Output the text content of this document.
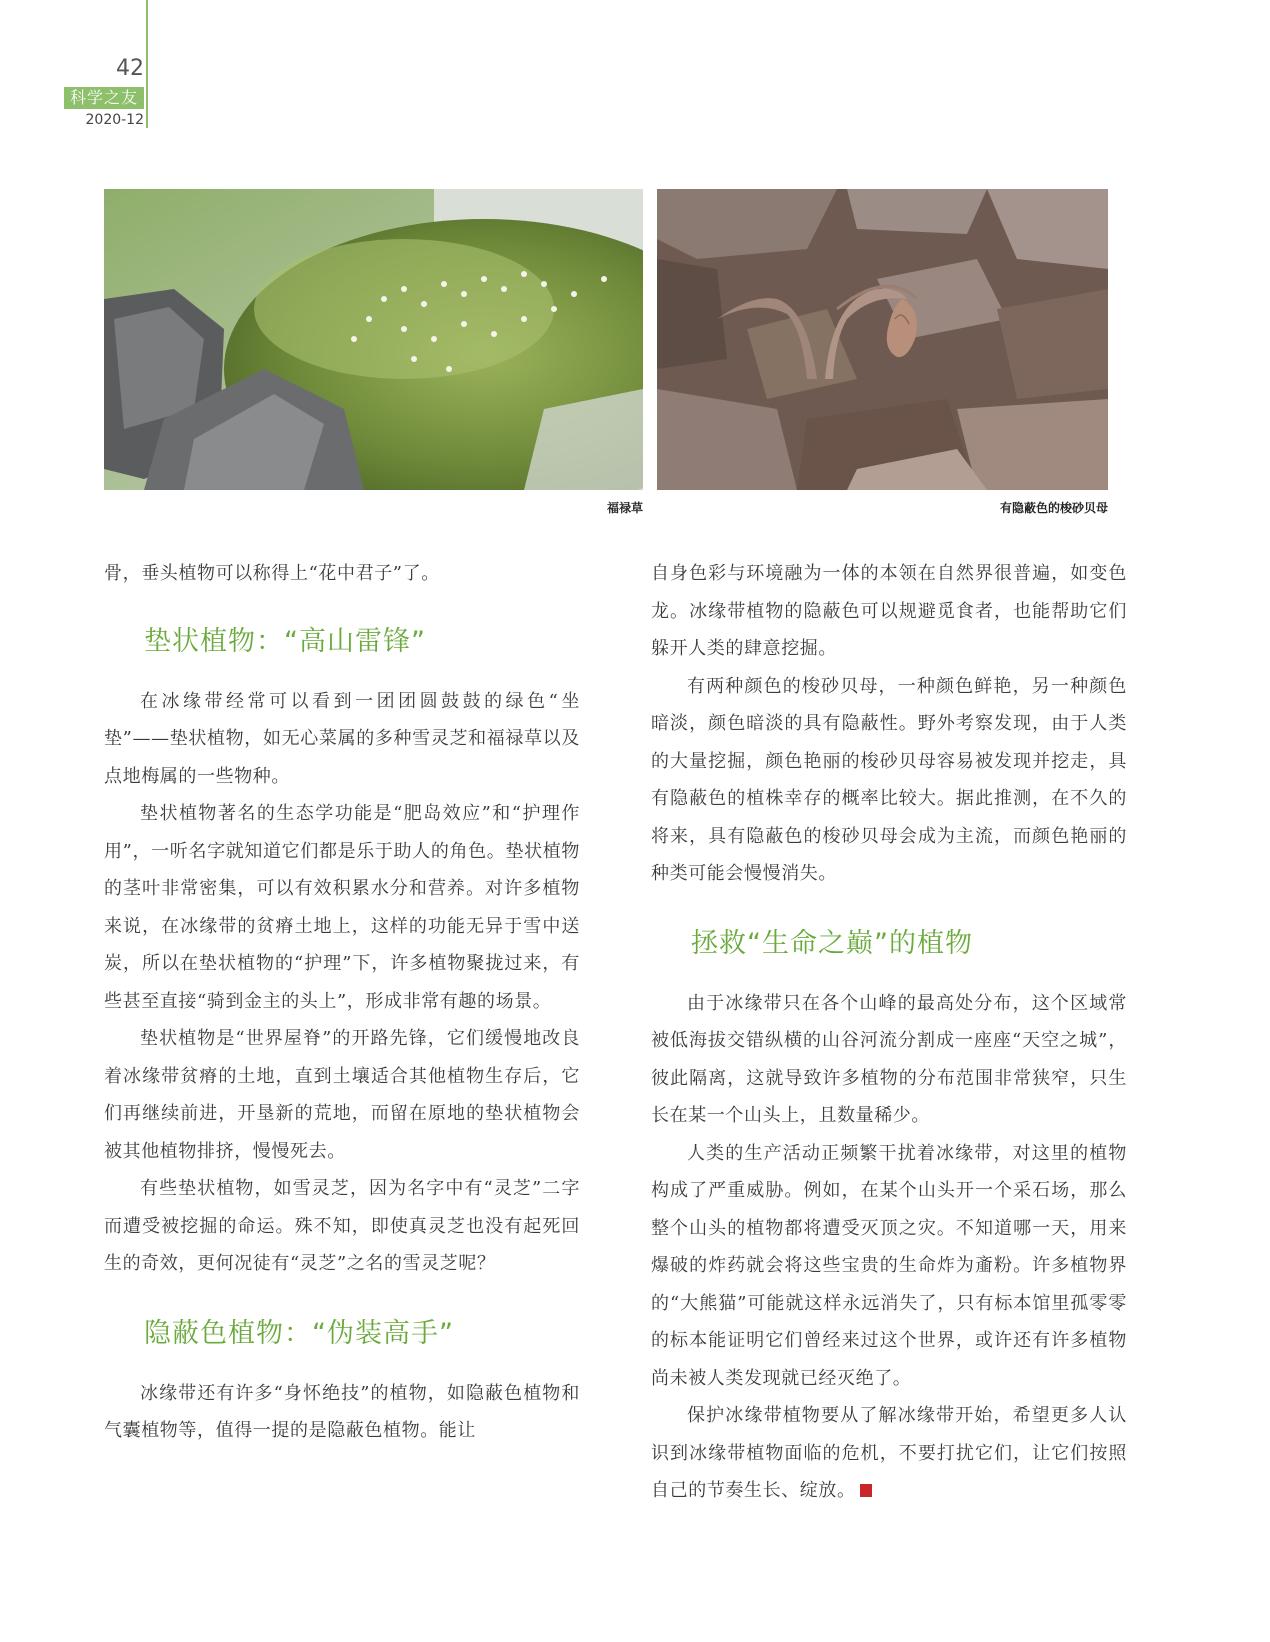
42
科学之友
2020-12
福禄草	有隐蔽色的梭砂贝母

骨，垂头植物可以称得上“花中君子”了。

垫状植物：“高山雷锋”

在冰缘带经常可以看到一团团圆鼓鼓的绿色“坐垫”——垫状植物，如无心菜属的多种雪灵芝和福禄草以及点地梅属的一些物种。

垫状植物著名的生态学功能是“肥岛效应”和“护理作用”，一听名字就知道它们都是乐于助人的角色。垫状植物的茎叶非常密集，可以有效积累水分和营养。对许多植物来说，在冰缘带的贫瘠土地上，这样的功能无异于雪中送炭，所以在垫状植物的“护理”下，许多植物聚拢过来，有些甚至直接“骑到金主的头上”，形成非常有趣的场景。

垫状植物是“世界屋脊”的开路先锋，它们缓慢地改良着冰缘带贫瘠的土地，直到土壤适合其他植物生存后，它们再继续前进，开垦新的荒地，而留在原地的垫状植物会被其他植物排挤，慢慢死去。

有些垫状植物，如雪灵芝，因为名字中有“灵芝”二字而遭受被挖掘的命运。殊不知，即使真灵芝也没有起死回生的奇效，更何况徒有“灵芝”之名的雪灵芝呢？

隐蔽色植物：“伪装高手”

冰缘带还有许多“身怀绝技”的植物，如隐蔽色植物和气囊植物等，值得一提的是隐蔽色植物。能让

自身色彩与环境融为一体的本领在自然界很普遍，如变色龙。冰缘带植物的隐蔽色可以规避觅食者，也能帮助它们躲开人类的肆意挖掘。

有两种颜色的梭砂贝母，一种颜色鲜艳，另一种颜色暗淡，颜色暗淡的具有隐蔽性。野外考察发现，由于人类的大量挖掘，颜色艳丽的梭砂贝母容易被发现并挖走，具有隐蔽色的植株幸存的概率比较大。据此推测，在不久的将来，具有隐蔽色的梭砂贝母会成为主流，而颜色艳丽的种类可能会慢慢消失。

拯救“生命之巅”的植物

由于冰缘带只在各个山峰的最高处分布，这个区域常被低海拔交错纵横的山谷河流分割成一座座“天空之城”，彼此隔离，这就导致许多植物的分布范围非常狭窄，只生长在某一个山头上，且数量稀少。

人类的生产活动正频繁干扰着冰缘带，对这里的植物构成了严重威胁。例如，在某个山头开一个采石场，那么整个山头的植物都将遭受灭顶之灾。不知道哪一天，用来爆破的炸药就会将这些宝贵的生命炸为齑粉。许多植物界的“大熊猫”可能就这样永远消失了，只有标本馆里孤零零的标本能证明它们曾经来过这个世界，或许还有许多植物尚未被人类发现就已经灭绝了。

保护冰缘带植物要从了解冰缘带开始，希望更多人认识到冰缘带植物面临的危机，不要打扰它们，让它们按照自己的节奏生长、绽放。
